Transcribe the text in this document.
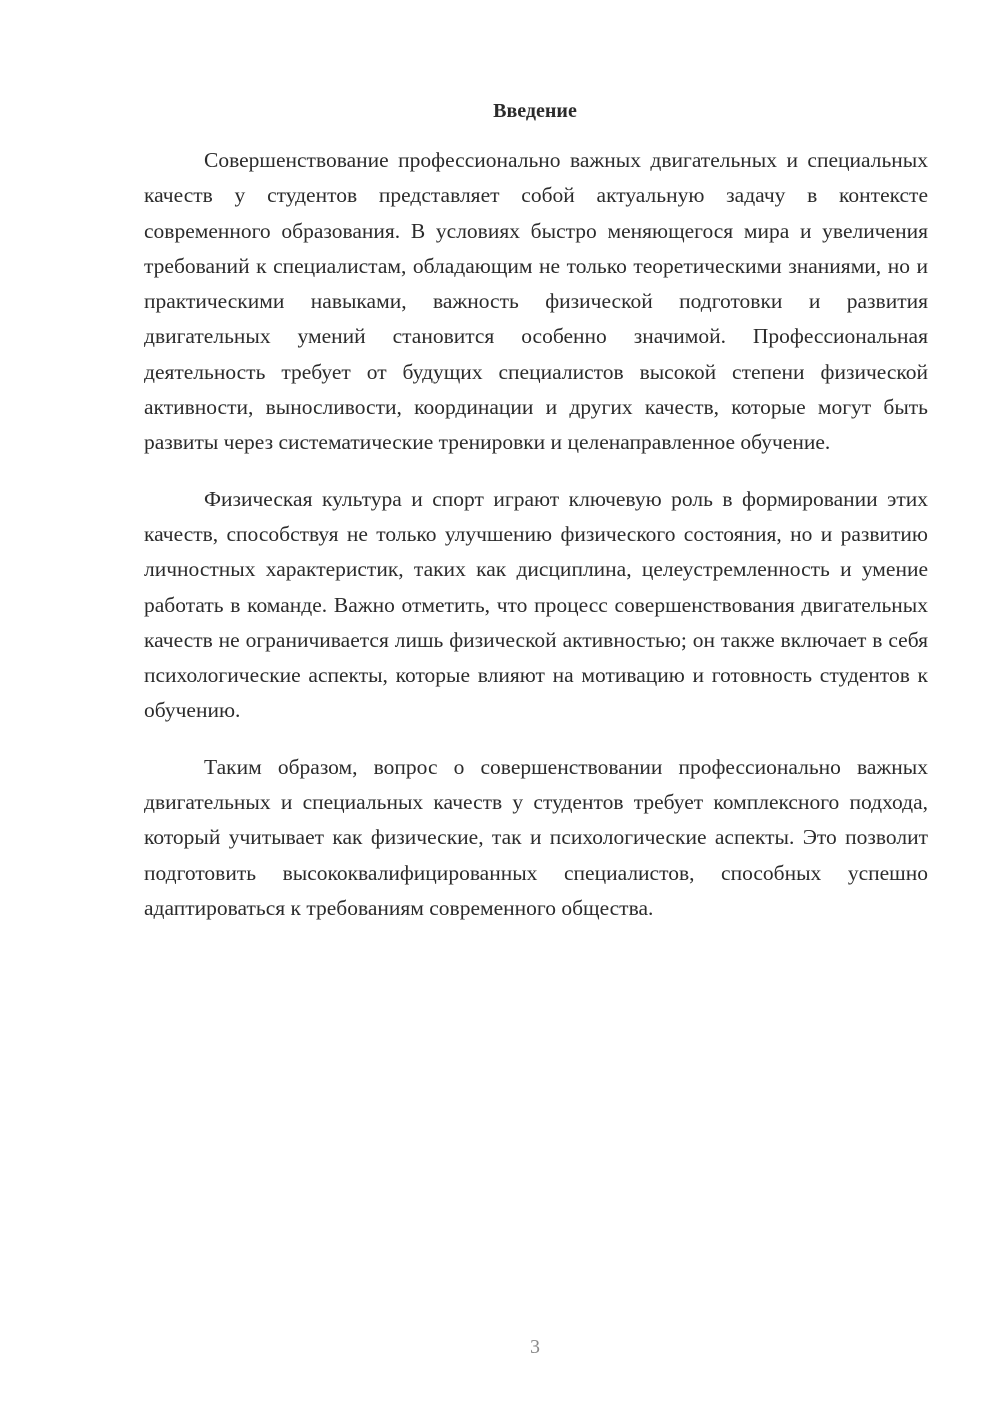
Введение

Совершенствование профессионально важных двигательных и специальных качеств у студентов представляет собой актуальную задачу в контексте современного образования. В условиях быстро меняющегося мира и увеличения требований к специалистам, обладающим не только теоретическими знаниями, но и практическими навыками, важность физической подготовки и развития двигательных умений становится особенно значимой. Профессиональная деятельность требует от будущих специалистов высокой степени физической активности, выносливости, координации и других качеств, которые могут быть развиты через систематические тренировки и целенаправленное обучение.

Физическая культура и спорт играют ключевую роль в формировании этих качеств, способствуя не только улучшению физического состояния, но и развитию личностных характеристик, таких как дисциплина, целеустремленность и умение работать в команде. Важно отметить, что процесс совершенствования двигательных качеств не ограничивается лишь физической активностью; он также включает в себя психологические аспекты, которые влияют на мотивацию и готовность студентов к обучению.

Таким образом, вопрос о совершенствовании профессионально важных двигательных и специальных качеств у студентов требует комплексного подхода, который учитывает как физические, так и психологические аспекты. Это позволит подготовить высококвалифицированных специалистов, способных успешно адаптироваться к требованиям современного общества.

3
